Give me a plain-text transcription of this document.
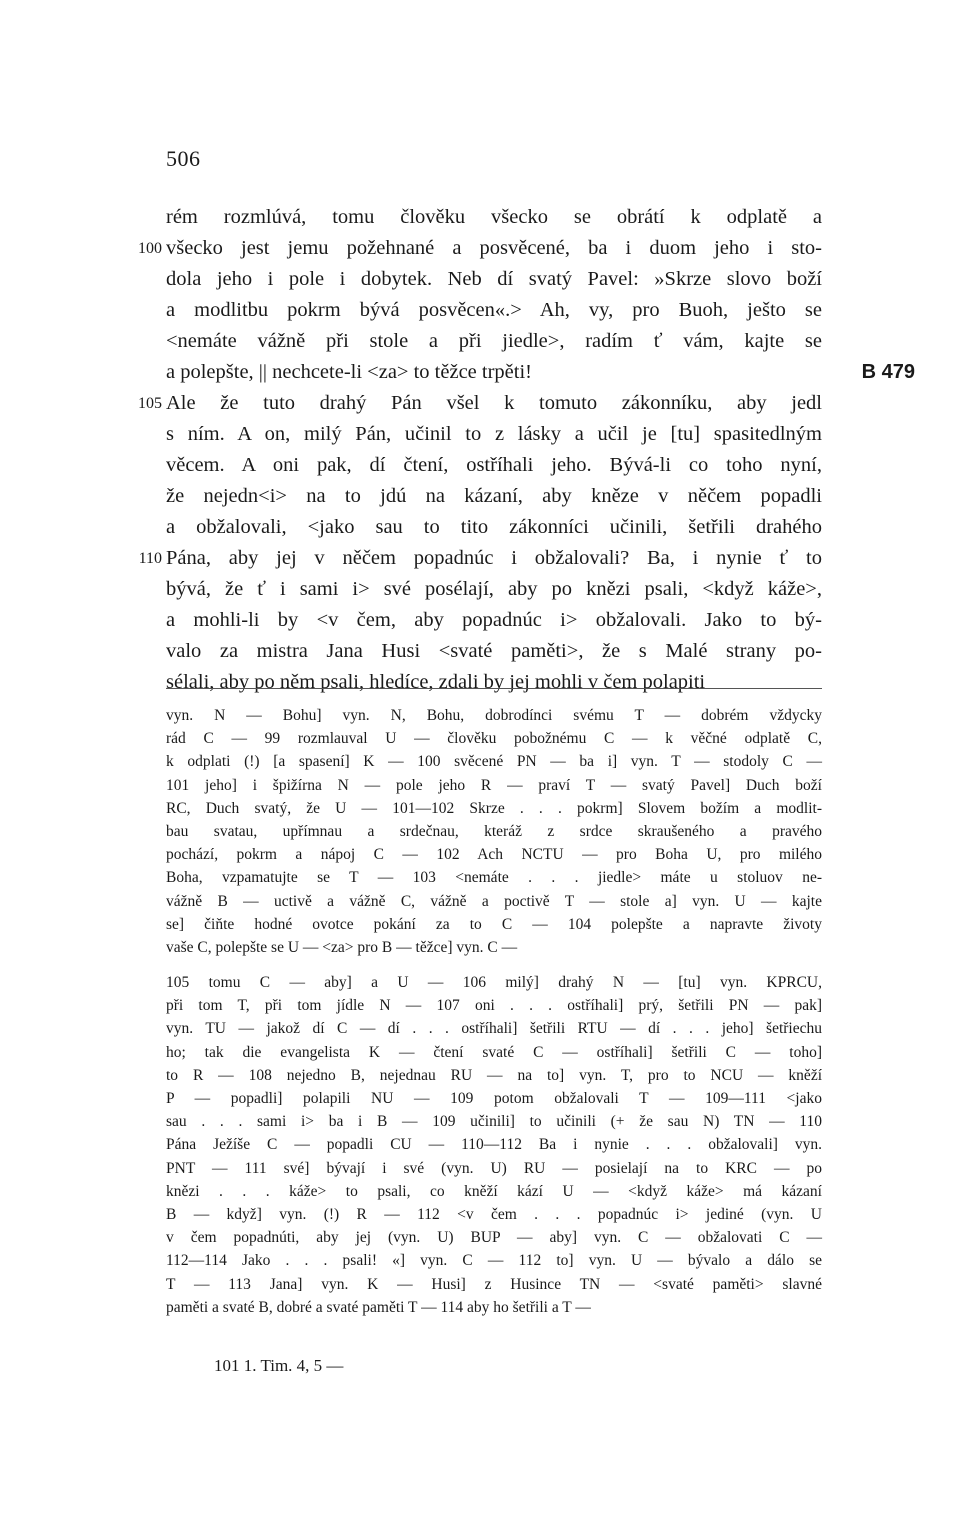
506
rém rozmlúvá, tomu člověku všecko se obrátí k odplatě a
100 všecko jest jemu požehnané a posvěcené, ba i duom jeho i sto-
dola jeho i pole i dobytek. Neb dí svatý Pavel: »Skrze slovo boží
a modlitbu pokrm bývá posvěcen«.> Ah, vy, pro Buoh, ješto se
<nemáte vážně při stole a při jiedle>, radím ť vám, kajte se
a polepšte, || nechcete-li <za> to těžce trpěti!	B 479
105 Ale že tuto drahý Pán všel k tomuto zákonníku, aby jedl
s ním. A on, milý Pán, učinil to z lásky a učil je [tu] spasitedlným
věcem. A oni pak, dí čtení, ostříhali jeho. Bývá-li co toho nyní,
že nejedn<i> na to jdú na kázaní, aby kněze v něčem popadli
a obžalovali, <jako sau to tito zákonníci učinili, šetřili drahého
110 Pána, aby jej v něčem popadnúc i obžalovali? Ba, i nynie ť to
bývá, že ť i sami i> své posélají, aby po knězi psali, <když káže>,
a mohli-li by <v čem, aby popadnúc i> obžalovali. Jako to bý-
valo za mistra Jana Husi <svaté paměti>, že s Malé strany po-
sélali, aby po něm psali, hledíce, zdali by jej mohli v čem polapiti
vyn. N — Bohu] vyn. N, Bohu, dobrodínci svému T — dobrém vždycky
rád C — 99 rozmlauval U — člověku pobožnému C — k věčné odplatě C,
k odplati (!) [a spasení] K — 100 svěcené PN — ba i] vyn. T — stodoly C —
101 jeho] i špižírna N — pole jeho R — praví T — svatý Pavel] Duch boží
RC, Duch svatý, že U — 101—102 Skrze . . . pokrm] Slovem božím a modlit-
bau svatau, upřímnau a srdečnau, kteráž z srdce skraušeného a pravého
pochází, pokrm a nápoj C — 102 Ach NCTU — pro Boha U, pro milého
Boha, vzpamatujte se T — 103 <nemáte . . . jiedle> máte u stoluov ne-
vážně B — uctivě a vážně C, vážně a poctivě T — stole a] vyn. U — kajte
se] čiňte hodné ovotce pokání za to C — 104 polepšte a napravte životy
vaše C, polepšte se U — <za> pro B — těžce] vyn. C —
105 tomu C — aby] a U — 106 milý] drahý N — [tu] vyn. KPRCU,
při tom T, při tom jídle N — 107 oni . . . ostříhali] prý, šetřili PN — pak]
vyn. TU — jakož dí C — dí . . . ostříhali] šetřili RTU — dí . . . jeho] šetřiechu
ho; tak die evangelista K — čtení svaté C — ostříhali] šetřili C — toho]
to R — 108 nejedno B, nejednau RU — na to] vyn. T, pro to NCU — kněží
P — popadli] polapili NU — 109 potom obžalovali T — 109—111 <jako
sau . . . sami i> ba i B — 109 učinili] to učinili (+ že sau N) TN — 110
Pána Ježíše C — popadli CU — 110—112 Ba i nynie . . . obžalovali] vyn.
PNT — 111 své] bývají i své (vyn. U) RU — posielají na to KRC — po
knězi . . . káže> to psali, co kněží kází U — <když káže> má kázaní
B — když] vyn. (!) R — 112 <v čem . . . popadnúc i> jediné (vyn. U
v čem popadnúti, aby jej (vyn. U) BUP — aby] vyn. C — obžalovati C —
112—114 Jako . . . psali! «] vyn. C — 112 to] vyn. U — bývalo a dálo se
T — 113 Jana] vyn. K — Husi] z Husince TN — <svaté paměti> slavné
paměti a svaté B, dobré a svaté paměti T — 114 aby ho šetřili a T —
101 1. Tim. 4, 5 —
